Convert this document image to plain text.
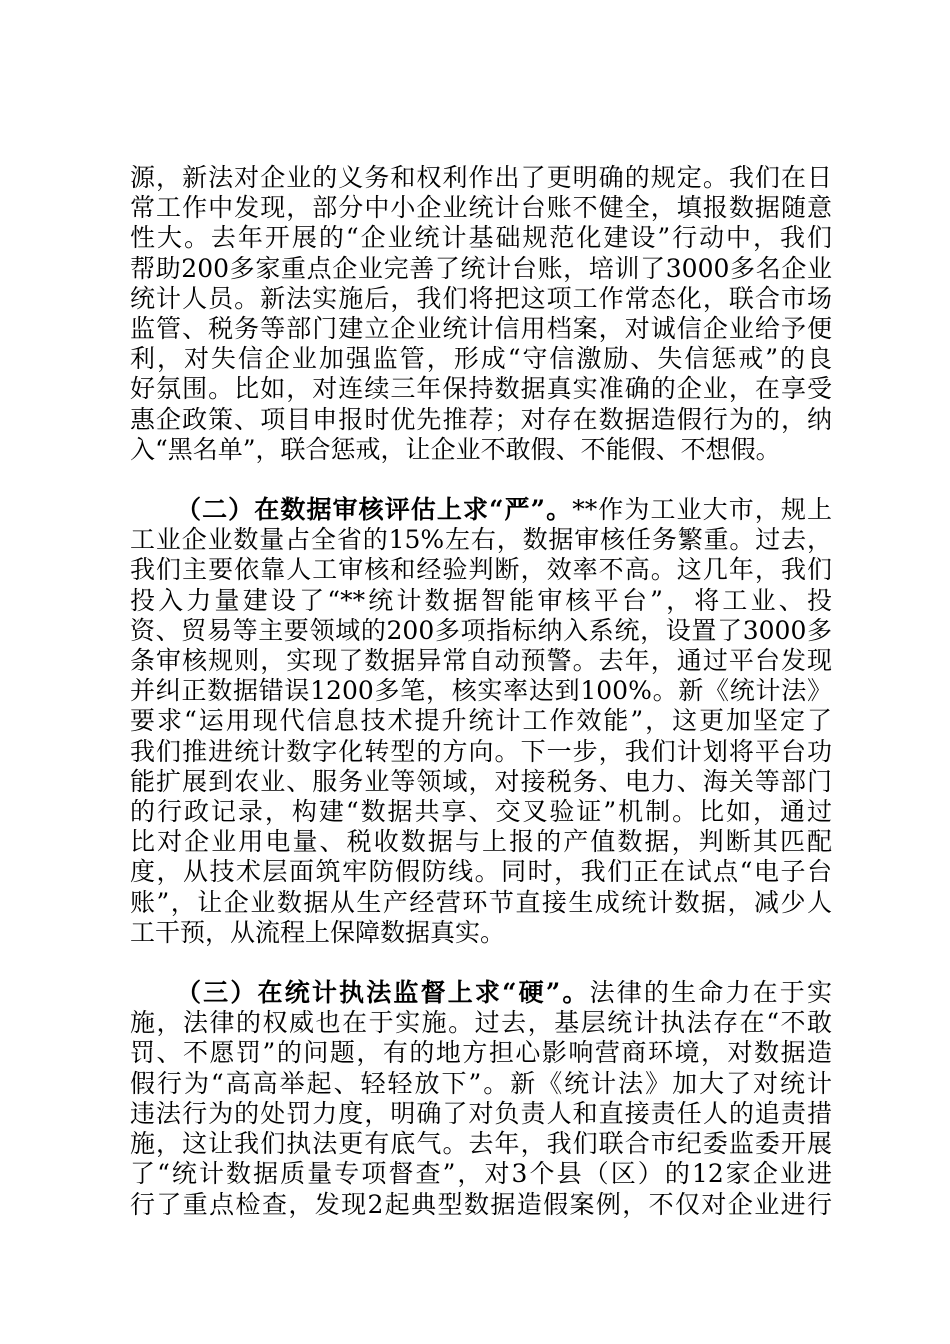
源，新法对企业的义务和权利作出了更明确的规定。我们在日
常工作中发现，部分中小企业统计台账不健全，填报数据随意
性大。去年开展的“企业统计基础规范化建设”行动中，我们
帮助200多家重点企业完善了统计台账，培训了3000多名企业
统计人员。新法实施后，我们将把这项工作常态化，联合市场
监管、税务等部门建立企业统计信用档案，对诚信企业给予便
利，对失信企业加强监管，形成“守信激励、失信惩戒”的良
好氛围。比如，对连续三年保持数据真实准确的企业，在享受
惠企政策、项目申报时优先推荐；对存在数据造假行为的，纳
入“黑名单”，联合惩戒，让企业不敢假、不能假、不想假。
（二）在数据审核评估上求“严”。**作为工业大市，规上
工业企业数量占全省的15%左右，数据审核任务繁重。过去，
我们主要依靠人工审核和经验判断，效率不高。这几年，我们
投入力量建设了“**统计数据智能审核平台”，将工业、投
资、贸易等主要领域的200多项指标纳入系统，设置了3000多
条审核规则，实现了数据异常自动预警。去年，通过平台发现
并纠正数据错误1200多笔，核实率达到100%。新《统计法》
要求“运用现代信息技术提升统计工作效能”，这更加坚定了
我们推进统计数字化转型的方向。下一步，我们计划将平台功
能扩展到农业、服务业等领域，对接税务、电力、海关等部门
的行政记录，构建“数据共享、交叉验证”机制。比如，通过
比对企业用电量、税收数据与上报的产值数据，判断其匹配
度，从技术层面筑牢防假防线。同时，我们正在试点“电子台
账”，让企业数据从生产经营环节直接生成统计数据，减少人
工干预，从流程上保障数据真实。
（三）在统计执法监督上求“硬”。法律的生命力在于实
施，法律的权威也在于实施。过去，基层统计执法存在“不敢
罚、不愿罚”的问题，有的地方担心影响营商环境，对数据造
假行为“高高举起、轻轻放下”。新《统计法》加大了对统计
违法行为的处罚力度，明确了对负责人和直接责任人的追责措
施，这让我们执法更有底气。去年，我们联合市纪委监委开展
了“统计数据质量专项督查”，对3个县（区）的12家企业进
行了重点检查，发现2起典型数据造假案例，不仅对企业进行
